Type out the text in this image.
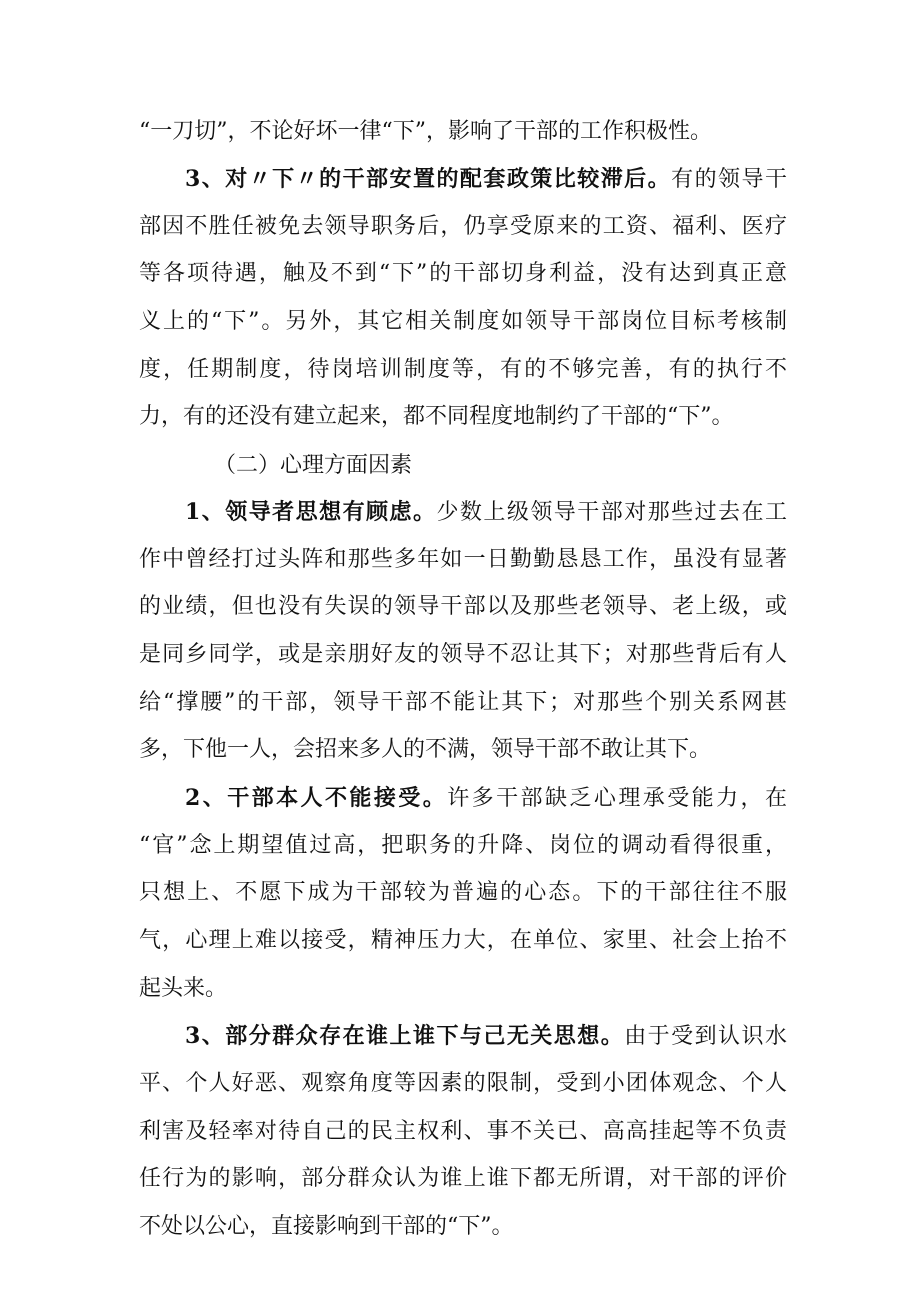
“一刀切”，不论好坏一律“下”，影响了干部的工作积极性。
3、对〃下〃的干部安置的配套政策比较滞后。有的领导干
部因不胜任被免去领导职务后，仍享受原来的工资、福利、医疗
等各项待遇，触及不到“下”的干部切身利益，没有达到真正意
义上的“下”。另外，其它相关制度如领导干部岗位目标考核制
度，任期制度，待岗培训制度等，有的不够完善，有的执行不
力，有的还没有建立起来，都不同程度地制约了干部的“下”。
（二）心理方面因素
1、领导者思想有顾虑。少数上级领导干部对那些过去在工
作中曾经打过头阵和那些多年如一日勤勤恳恳工作，虽没有显著
的业绩，但也没有失误的领导干部以及那些老领导、老上级，或
是同乡同学，或是亲朋好友的领导不忍让其下；对那些背后有人
给“撑腰”的干部，领导干部不能让其下；对那些个别关系网甚
多，下他一人，会招来多人的不满，领导干部不敢让其下。
2、干部本人不能接受。许多干部缺乏心理承受能力，在
“官”念上期望值过高，把职务的升降、岗位的调动看得很重，
只想上、不愿下成为干部较为普遍的心态。下的干部往往不服
气，心理上难以接受，精神压力大，在单位、家里、社会上抬不
起头来。
3、部分群众存在谁上谁下与己无关思想。由于受到认识水
平、个人好恶、观察角度等因素的限制，受到小团体观念、个人
利害及轻率对待自己的民主权利、事不关已、高高挂起等不负责
任行为的影响，部分群众认为谁上谁下都无所谓，对干部的评价
不处以公心，直接影响到干部的“下”。
